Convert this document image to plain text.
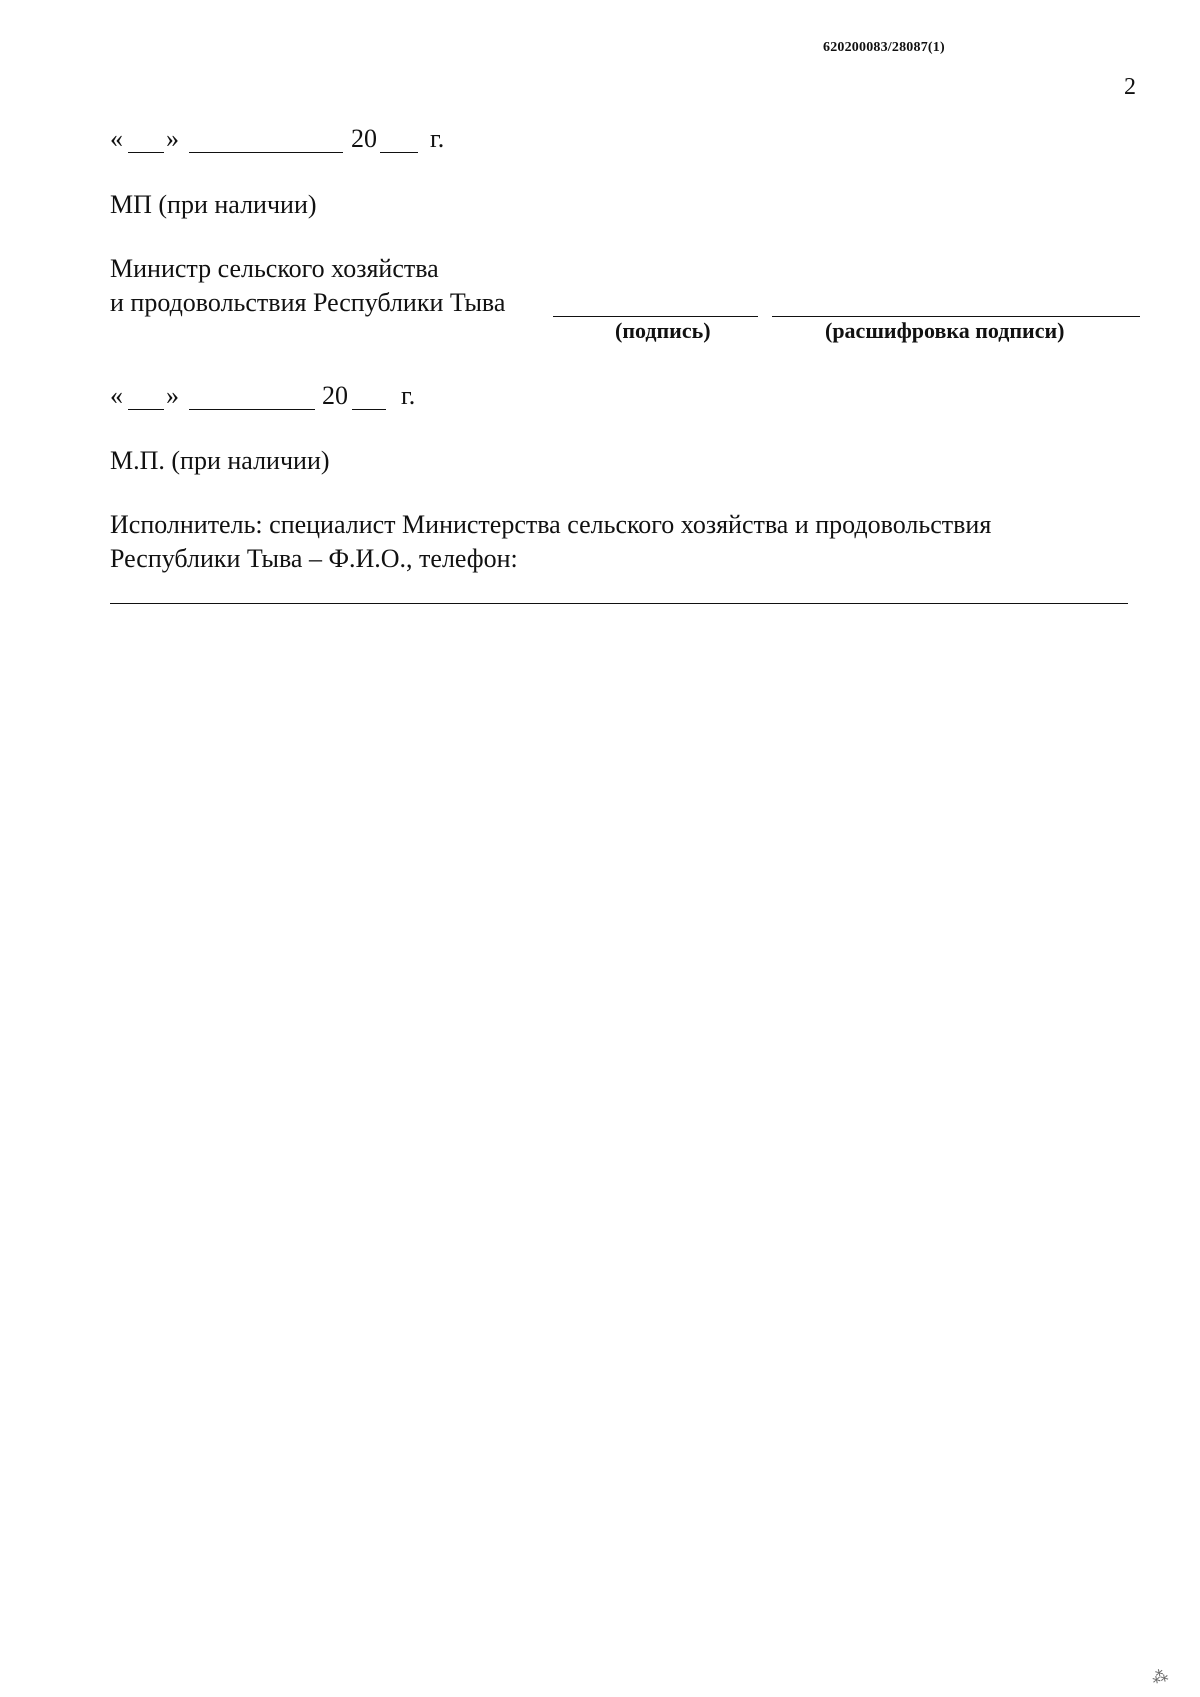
620200083/28087(1)
2
« »	20 г.
МП (при наличии)
Министр сельского хозяйства
и продовольствия Республики Тыва
(подпись)	(расшифровка подписи)
« »	20 г.
М.П. (при наличии)
Исполнитель: специалист Министерства сельского хозяйства и продовольствия
Республики Тыва – Ф.И.О., телефон:
⁂
